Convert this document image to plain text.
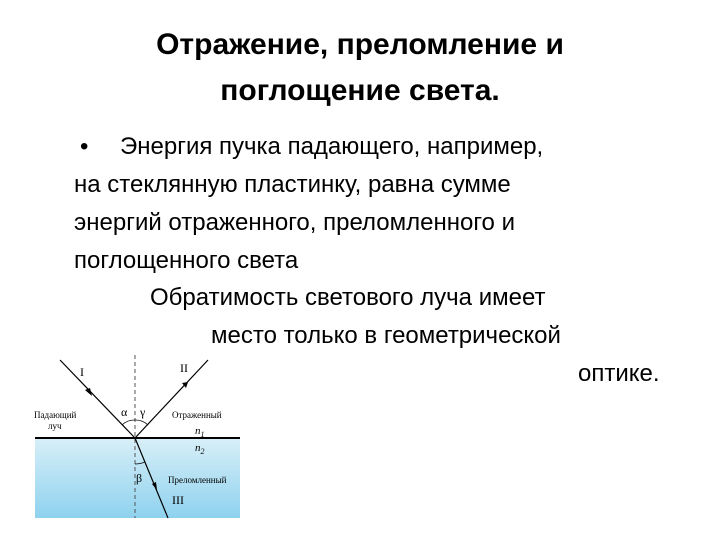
Отражение, преломление и
поглощение света.
• Энергия пучка падающего, например,
на стеклянную пластинку, равна сумме
энергий отраженного, преломленного и
поглощенного света
Обратимость светового луча имеет
место только в геометрической
оптике.
I	II
III
Падающий
луч
Отраженный
Преломленный
α γ
β
$n_1$
$n_2$
